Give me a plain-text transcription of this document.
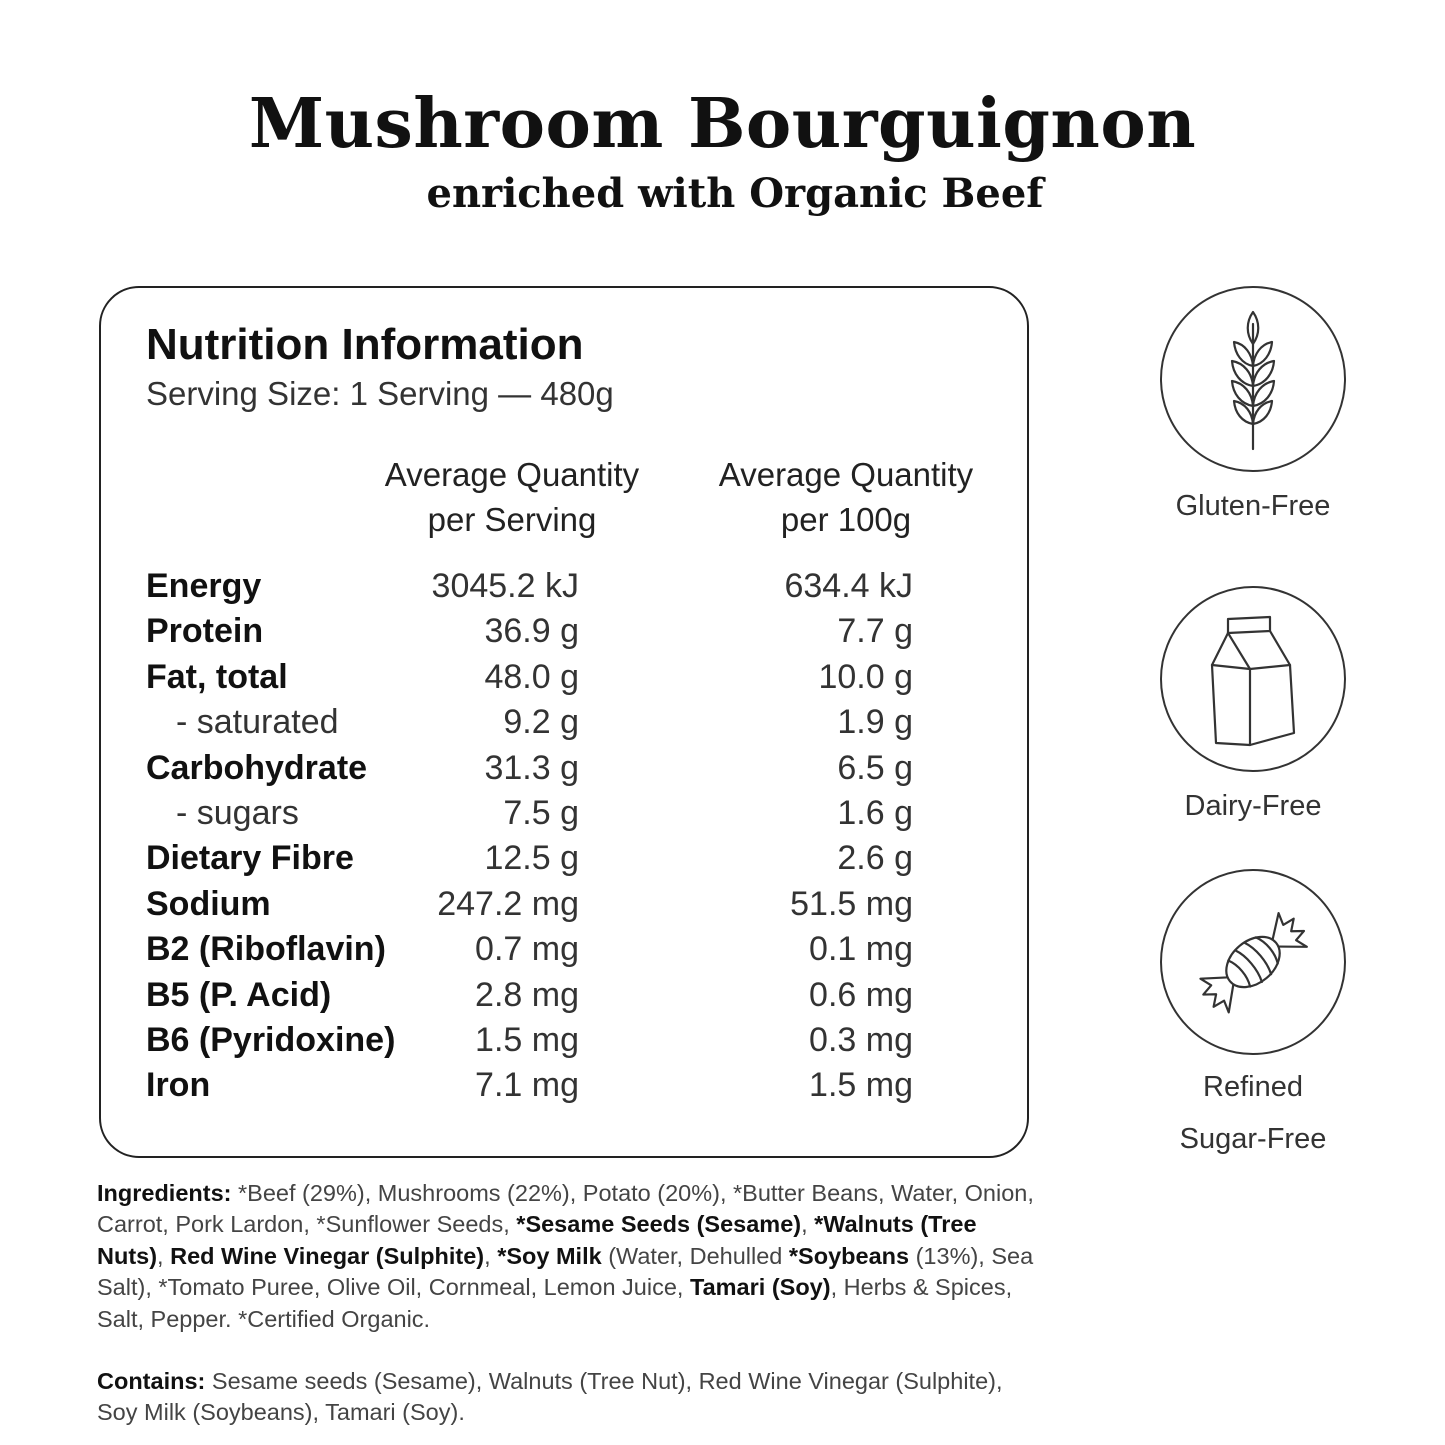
Mushroom Bourguignon
enriched with Organic Beef
Nutrition Information
Serving Size: 1 Serving — 480g
Average Quantity
per Serving
Average Quantity
per 100g
Energy	3045.2 kJ	634.4 kJ
Protein	36.9 g	7.7 g
Fat, total	48.0 g	10.0 g
- saturated	9.2 g	1.9 g
Carbohydrate	31.3 g	6.5 g
- sugars	7.5 g	1.6 g
Dietary Fibre	12.5 g	2.6 g
Sodium	247.2 mg	51.5 mg
B2 (Riboflavin)	0.7 mg	0.1 mg
B5 (P. Acid)	2.8 mg	0.6 mg
B6 (Pyridoxine) 1.5 mg	0.3 mg
Iron	7.1 mg	1.5 mg
Gluten-Free
Dairy-Free
Refined
Sugar-Free
Ingredients: *Beef (29%), Mushrooms (22%), Potato (20%), *Butter Beans, Water, Onion, Carrot, Pork Lardon, *Sunflower Seeds, *Sesame Seeds (Sesame), *Walnuts (Tree Nuts), Red Wine Vinegar (Sulphite), *Soy Milk (Water, Dehulled *Soybeans (13%), Sea Salt), *Tomato Puree, Olive Oil, Cornmeal, Lemon Juice, Tamari (Soy), Herbs & Spices, Salt, Pepper. *Certified Organic.
Contains: Sesame seeds (Sesame), Walnuts (Tree Nut), Red Wine Vinegar (Sulphite), Soy Milk (Soybeans), Tamari (Soy).
